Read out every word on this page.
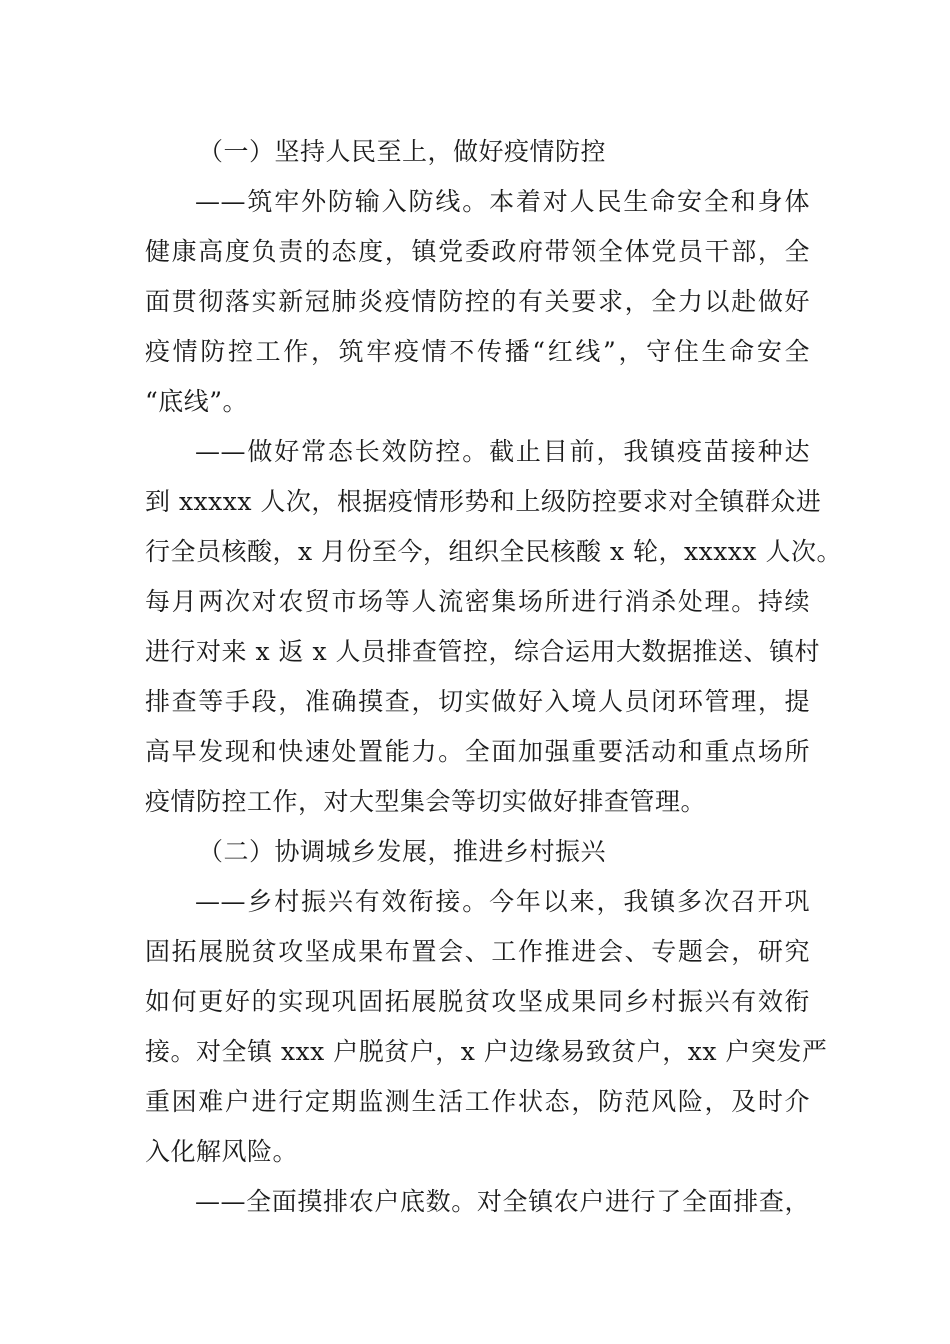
（一）坚持人民至上，做好疫情防控
——筑牢外防输入防线。本着对人民生命安全和身体
健康高度负责的态度，镇党委政府带领全体党员干部，全
面贯彻落实新冠肺炎疫情防控的有关要求，全力以赴做好
疫情防控工作，筑牢疫情不传播“红线”，守住生命安全
“底线”。
——做好常态长效防控。截止目前，我镇疫苗接种达
到 xxxxx 人次，根据疫情形势和上级防控要求对全镇群众进
行全员核酸，x 月份至今，组织全民核酸 x 轮，xxxxx 人次。
每月两次对农贸市场等人流密集场所进行消杀处理。持续
进行对来 x 返 x 人员排查管控，综合运用大数据推送、镇村
排查等手段，准确摸查，切实做好入境人员闭环管理，提
高早发现和快速处置能力。全面加强重要活动和重点场所
疫情防控工作，对大型集会等切实做好排查管理。
（二）协调城乡发展，推进乡村振兴
——乡村振兴有效衔接。今年以来，我镇多次召开巩
固拓展脱贫攻坚成果布置会、工作推进会、专题会，研究
如何更好的实现巩固拓展脱贫攻坚成果同乡村振兴有效衔
接。对全镇 xxx 户脱贫户，x 户边缘易致贫户，xx 户突发严
重困难户进行定期监测生活工作状态，防范风险，及时介
入化解风险。
——全面摸排农户底数。对全镇农户进行了全面排查，
